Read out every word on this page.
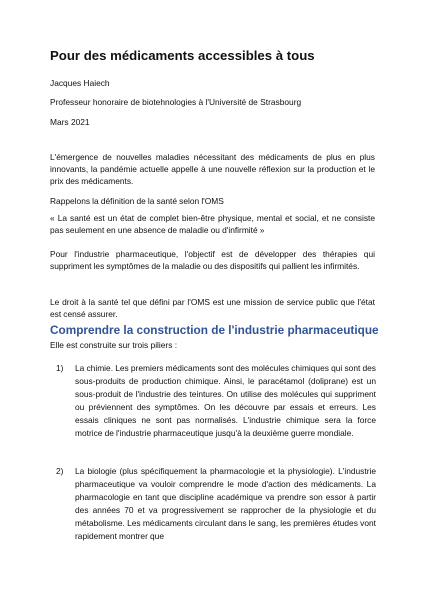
Pour des médicaments accessibles à tous

Jacques Haiech

Professeur honoraire de biotehnologies à l'Université de Strasbourg

Mars 2021

L'émergence de nouvelles maladies nécessitant des médicaments de plus en plus innovants, la pandémie actuelle appelle à une nouvelle réflexion sur la production et le prix des médicaments.

Rappelons la définition de la santé selon l'OMS

« La santé est un état de complet bien-être physique, mental et social, et ne consiste pas seulement en une absence de maladie ou d'infirmité »

Pour l'industrie pharmaceutique, l'objectif est de développer des thérapies qui suppriment les symptômes de la maladie ou des dispositifs qui pallient les infirmités.

Le droit à la santé tel que défini par l'OMS est une mission de service public que l'état est censé assurer.

Comprendre la construction de l'industrie pharmaceutique

Elle est construite sur trois piliers :

1)	La chimie. Les premiers médicaments sont des molécules chimiques qui sont des sous-produits de production chimique. Ainsi, le paracétamol (doliprane) est un sous-produit de l'industrie des teintures. On utilise des molécules qui suppriment ou préviennent des symptômes. On les découvre par essais et erreurs. Les essais cliniques ne sont pas normalisés. L'industrie chimique sera la force motrice de l'industrie pharmaceutique jusqu'à la deuxième guerre mondiale.
2)	La biologie (plus spécifiquement la pharmacologie et la physiologie). L'industrie pharmaceutique va vouloir comprendre le mode d'action des médicaments. La pharmacologie en tant que discipline académique va prendre son essor à partir des années 70 et va progressivement se rapprocher de la physiologie et du métabolisme. Les médicaments circulant dans le sang, les premières études vont rapidement montrer que
